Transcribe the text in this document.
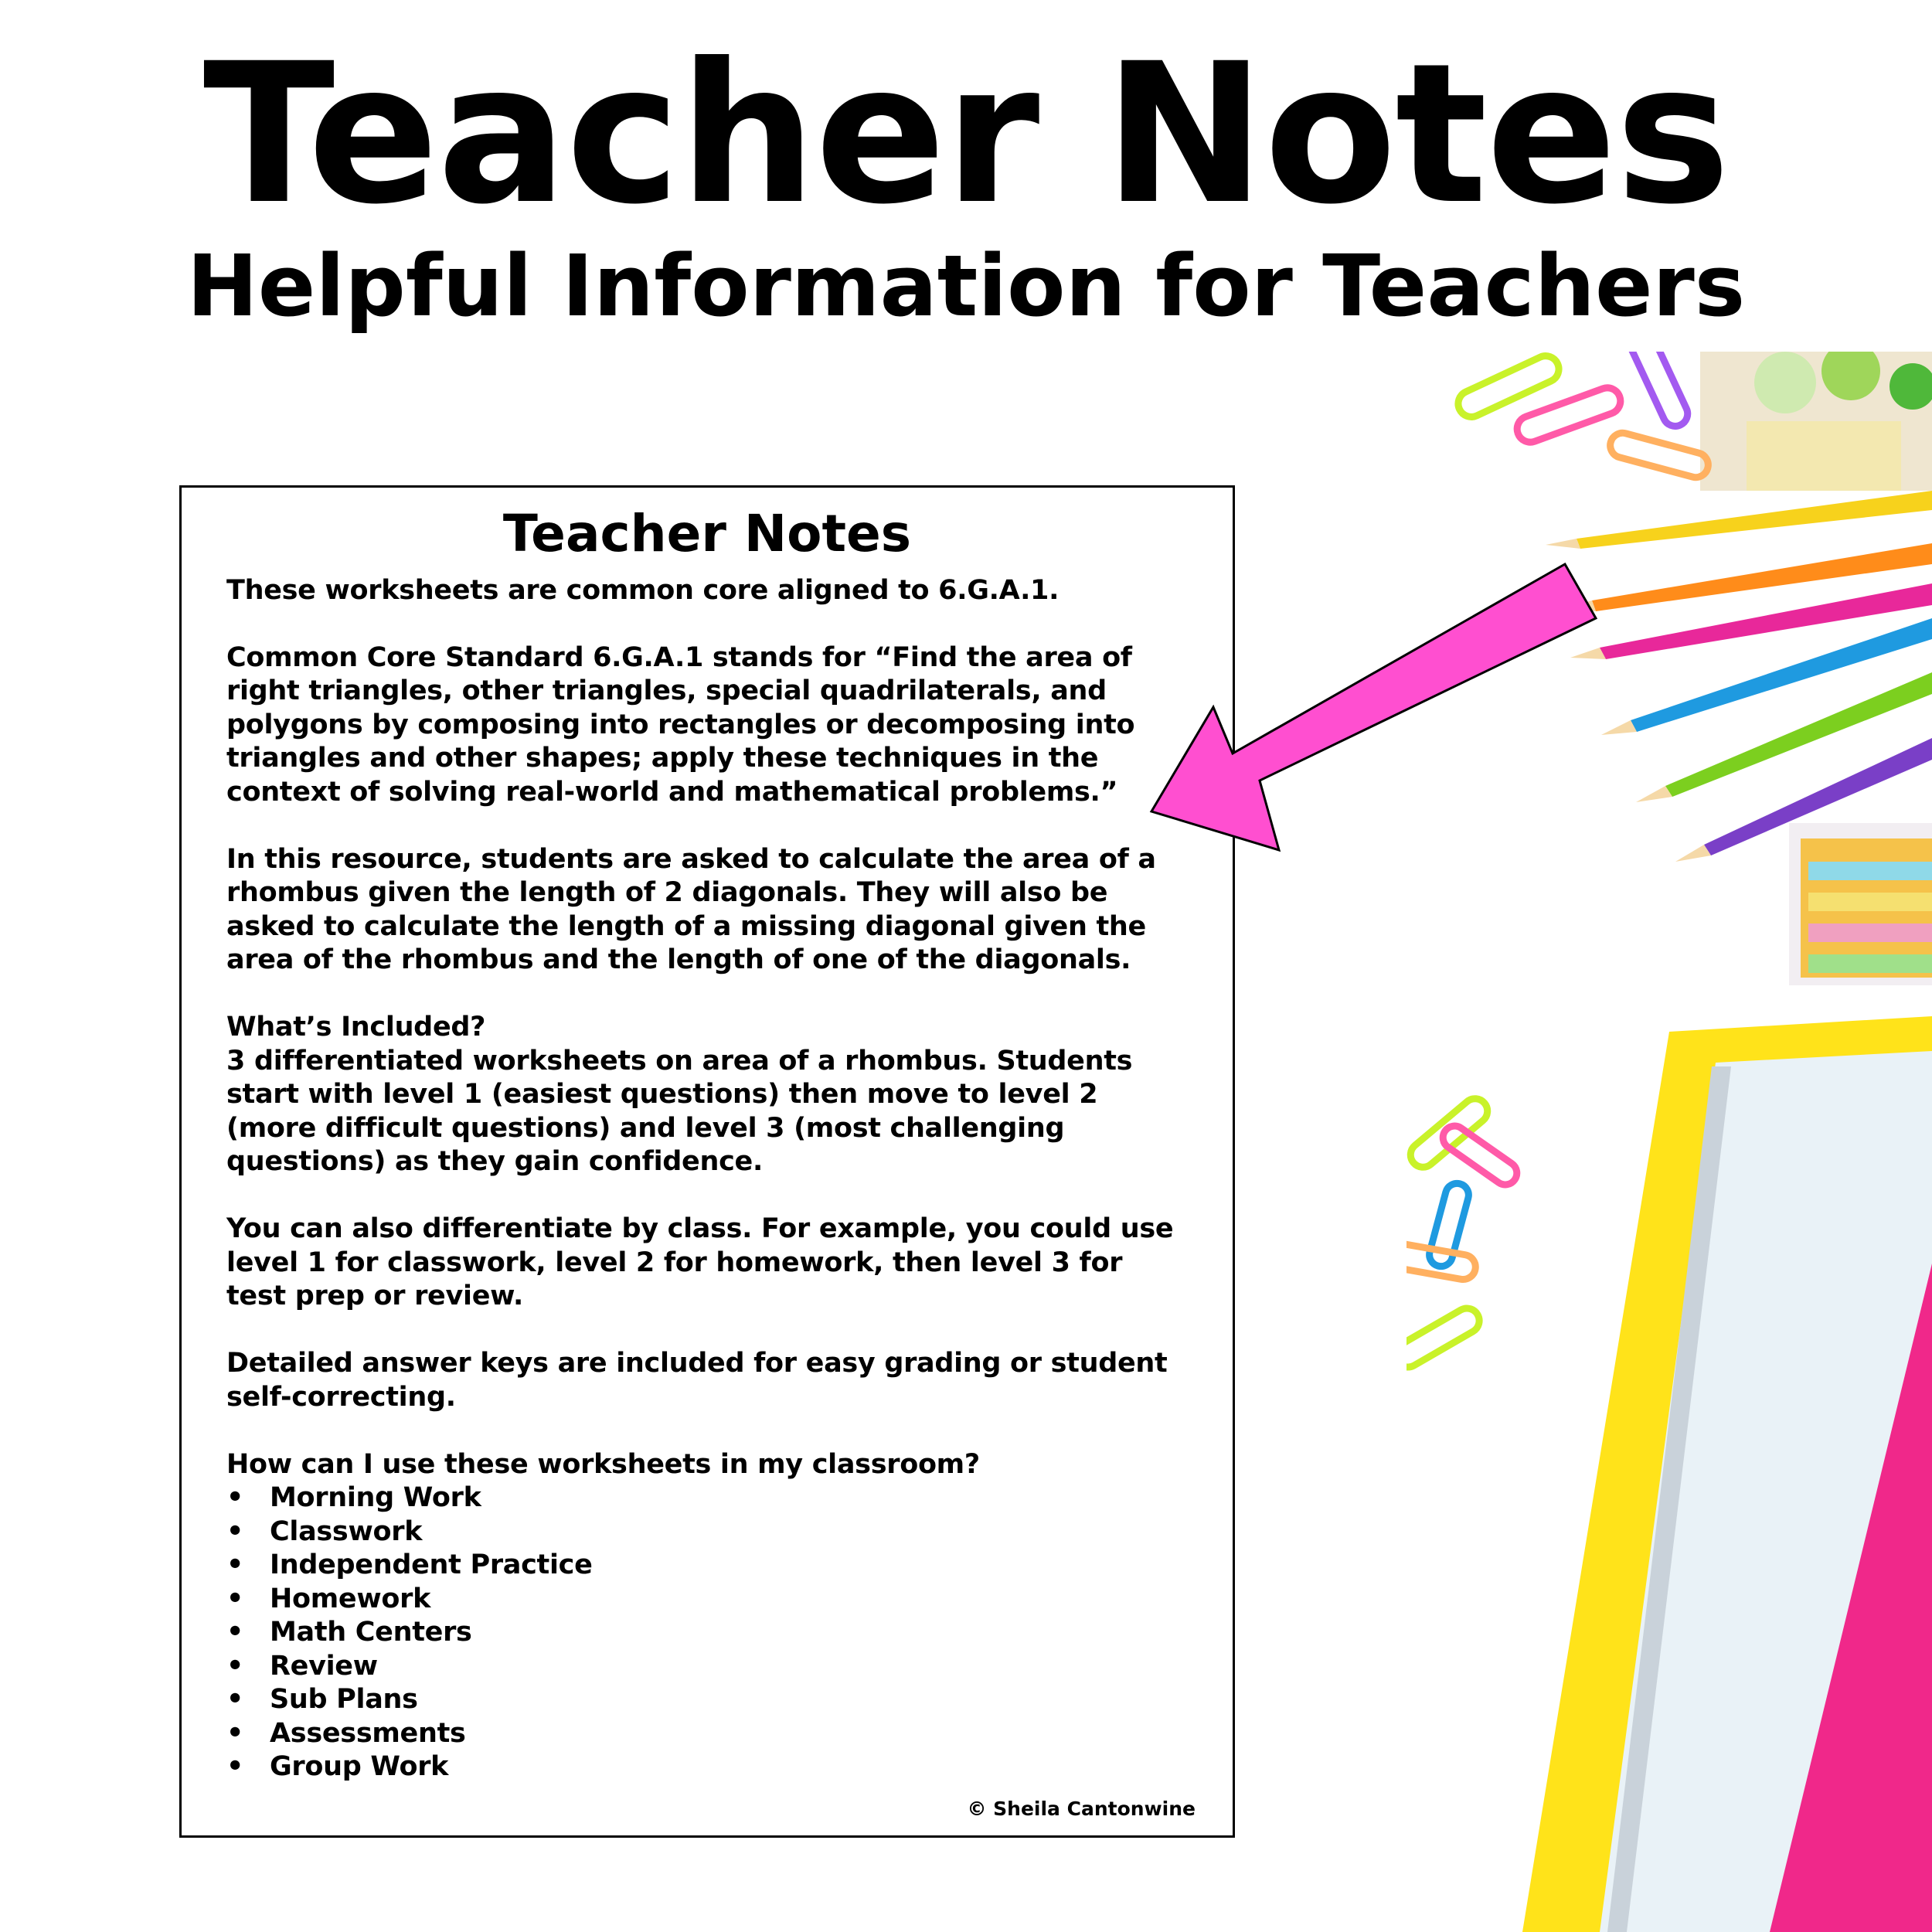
Teacher Notes
Helpful Information for Teachers
Teacher Notes

These worksheets are common core aligned to 6.G.A.1.

Common Core Standard 6.G.A.1 stands for “Find the area of right triangles, other triangles, special quadrilaterals, and polygons by composing into rectangles or decomposing into triangles and other shapes; apply these techniques in the context of solving real-world and mathematical problems.”

In this resource, students are asked to calculate the area of a rhombus given the length of 2 diagonals. They will also be asked to calculate the length of a missing diagonal given the area of the rhombus and the length of one of the diagonals.

What’s Included?

3 differentiated worksheets on area of a rhombus. Students start with level 1 (easiest questions) then move to level 2 (more difficult questions) and level 3 (most challenging questions) as they gain confidence.

You can also differentiate by class. For example, you could use level 1 for classwork, level 2 for homework, then level 3 for test prep or review.

Detailed answer keys are included for easy grading or student self-correcting.

How can I use these worksheets in my classroom?

• Morning Work
• Classwork
• Independent Practice
• Homework
• Math Centers
• Review
• Sub Plans
• Assessments
• Group Work
© Sheila Cantonwine
